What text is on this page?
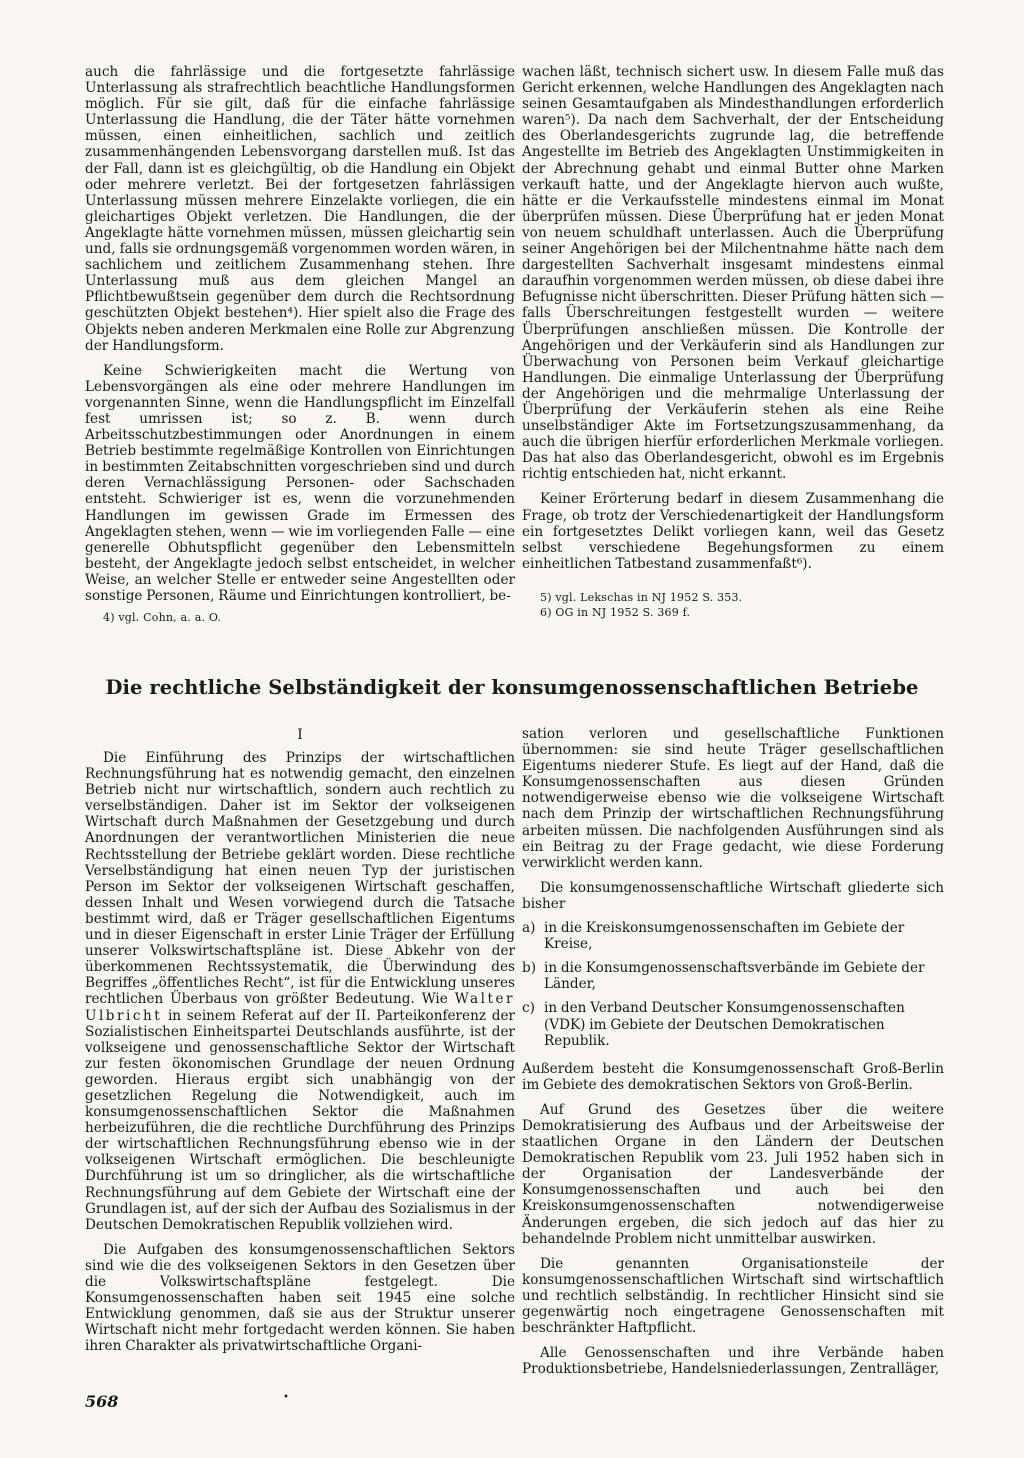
auch die fahrlässige und die fortgesetzte fahrlässige Unterlassung als strafrechtlich beachtliche Handlungsformen möglich. Für sie gilt, daß für die einfache fahrlässige Unterlassung die Handlung, die der Täter hätte vornehmen müssen, einen einheitlichen, sachlich und zeitlich zusammenhängenden Lebensvorgang darstellen muß. Ist das der Fall, dann ist es gleichgültig, ob die Handlung ein Objekt oder mehrere verletzt. Bei der fortgesetzen fahrlässigen Unterlassung müssen mehrere Einzelakte vorliegen, die ein gleichartiges Objekt verletzen. Die Handlungen, die der Angeklagte hätte vornehmen müssen, müssen gleichartig sein und, falls sie ordnungsgemäß vorgenommen worden wären, in sachlichem und zeitlichem Zusammenhang stehen. Ihre Unterlassung muß aus dem gleichen Mangel an Pflichtbewußtsein gegenüber dem durch die Rechtsordnung geschützten Objekt bestehen⁴). Hier spielt also die Frage des Objekts neben anderen Merkmalen eine Rolle zur Abgrenzung der Handlungsform.

Keine Schwierigkeiten macht die Wertung von Lebensvorgängen als eine oder mehrere Handlungen im vorgenannten Sinne, wenn die Handlungspflicht im Einzelfall fest umrissen ist; so z. B. wenn durch Arbeitsschutzbestimmungen oder Anordnungen in einem Betrieb bestimmte regelmäßige Kontrollen von Einrichtungen in bestimmten Zeitabschnitten vorgeschrieben sind und durch deren Vernachlässigung Personen- oder Sachschaden entsteht. Schwieriger ist es, wenn die vorzunehmenden Handlungen im gewissen Grade im Ermessen des Angeklagten stehen, wenn — wie im vorliegenden Falle — eine generelle Obhutspflicht gegenüber den Lebensmitteln besteht, der Angeklagte jedoch selbst entscheidet, in welcher Weise, an welcher Stelle er entweder seine Angestellten oder sonstige Personen, Räume und Einrichtungen kontrolliert, be-

4) vgl. Cohn, a. a. O.

wachen läßt, technisch sichert usw. In diesem Falle muß das Gericht erkennen, welche Handlungen des Angeklagten nach seinen Gesamtaufgaben als Mindesthandlungen erforderlich waren⁵). Da nach dem Sachverhalt, der der Entscheidung des Oberlandesgerichts zugrunde lag, die betreffende Angestellte im Betrieb des Angeklagten Unstimmigkeiten in der Abrechnung gehabt und einmal Butter ohne Marken verkauft hatte, und der Angeklagte hiervon auch wußte, hätte er die Verkaufsstelle mindestens einmal im Monat überprüfen müssen. Diese Überprüfung hat er jeden Monat von neuem schuldhaft unterlassen. Auch die Überprüfung seiner Angehörigen bei der Milchentnahme hätte nach dem dargestellten Sachverhalt insgesamt mindestens einmal daraufhin vorgenommen werden müssen, ob diese dabei ihre Befugnisse nicht überschritten. Dieser Prüfung hätten sich — falls Überschreitungen festgestellt wurden — weitere Überprüfungen anschließen müssen. Die Kontrolle der Angehörigen und der Verkäuferin sind als Handlungen zur Überwachung von Personen beim Verkauf gleichartige Handlungen. Die einmalige Unterlassung der Überprüfung der Angehörigen und die mehrmalige Unterlassung der Überprüfung der Verkäuferin stehen als eine Reihe unselbständiger Akte im Fortsetzungszusammenhang, da auch die übrigen hierfür erforderlichen Merkmale vorliegen. Das hat also das Oberlandesgericht, obwohl es im Ergebnis richtig entschieden hat, nicht erkannt.

Keiner Erörterung bedarf in diesem Zusammenhang die Frage, ob trotz der Verschiedenartigkeit der Handlungsform ein fortgesetztes Delikt vorliegen kann, weil das Gesetz selbst verschiedene Begehungsformen zu einem einheitlichen Tatbestand zusammenfaßt⁶).

5) vgl. Lekschas in NJ 1952 S. 353.
6) OG in NJ 1952 S. 369 f.
Die rechtliche Selbständigkeit der konsumgenossenschaftlichen Betriebe
I

Die Einführung des Prinzips der wirtschaftlichen Rechnungsführung hat es notwendig gemacht, den einzelnen Betrieb nicht nur wirtschaftlich, sondern auch rechtlich zu verselbständigen. Daher ist im Sektor der volkseigenen Wirtschaft durch Maßnahmen der Gesetzgebung und durch Anordnungen der verantwortlichen Ministerien die neue Rechtsstellung der Betriebe geklärt worden. Diese rechtliche Verselbständigung hat einen neuen Typ der juristischen Person im Sektor der volkseigenen Wirtschaft geschaffen, dessen Inhalt und Wesen vorwiegend durch die Tatsache bestimmt wird, daß er Träger gesellschaftlichen Eigentums und in dieser Eigenschaft in erster Linie Träger der Erfüllung unserer Volkswirtschaftspläne ist. Diese Abkehr von der überkommenen Rechtssystematik, die Überwindung des Begriffes „öffentliches Recht“, ist für die Entwicklung unseres rechtlichen Überbaus von größter Bedeutung. Wie Walter Ulbricht in seinem Referat auf der II. Parteikonferenz der Sozialistischen Einheitspartei Deutschlands ausführte, ist der volkseigene und genossenschaftliche Sektor der Wirtschaft zur festen ökonomischen Grundlage der neuen Ordnung geworden. Hieraus ergibt sich unabhängig von der gesetzlichen Regelung die Notwendigkeit, auch im konsumgenossenschaftlichen Sektor die Maßnahmen herbeizuführen, die die rechtliche Durchführung des Prinzips der wirtschaftlichen Rechnungsführung ebenso wie in der volkseigenen Wirtschaft ermöglichen. Die beschleunigte Durchführung ist um so dringlicher, als die wirtschaftliche Rechnungsführung auf dem Gebiete der Wirtschaft eine der Grundlagen ist, auf der sich der Aufbau des Sozialismus in der Deutschen Demokratischen Republik vollziehen wird.

Die Aufgaben des konsumgenossenschaftlichen Sektors sind wie die des volkseigenen Sektors in den Gesetzen über die Volkswirtschaftspläne festgelegt. Die Konsumgenossenschaften haben seit 1945 eine solche Entwicklung genommen, daß sie aus der Struktur unserer Wirtschaft nicht mehr fortgedacht werden können. Sie haben ihren Charakter als privatwirtschaftliche Organi-

sation verloren und gesellschaftliche Funktionen übernommen: sie sind heute Träger gesellschaftlichen Eigentums niederer Stufe. Es liegt auf der Hand, daß die Konsumgenossenschaften aus diesen Gründen notwendigerweise ebenso wie die volkseigene Wirtschaft nach dem Prinzip der wirtschaftlichen Rechnungsführung arbeiten müssen. Die nachfolgenden Ausführungen sind als ein Beitrag zu der Frage gedacht, wie diese Forderung verwirklicht werden kann.

Die konsumgenossenschaftliche Wirtschaft gliederte sich bisher

a) in die Kreiskonsumgenossenschaften im Gebiete der Kreise,
b) in die Konsumgenossenschaftsverbände im Gebiete der Länder,
c) in den Verband Deutscher Konsumgenossenschaften (VDK) im Gebiete der Deutschen Demokratischen Republik.

Außerdem besteht die Konsumgenossenschaft Groß-Berlin im Gebiete des demokratischen Sektors von Groß-Berlin.

Auf Grund des Gesetzes über die weitere Demokratisierung des Aufbaus und der Arbeitsweise der staatlichen Organe in den Ländern der Deutschen Demokratischen Republik vom 23. Juli 1952 haben sich in der Organisation der Landesverbände der Konsumgenossenschaften und auch bei den Kreiskonsumgenossenschaften notwendigerweise Änderungen ergeben, die sich jedoch auf das hier zu behandelnde Problem nicht unmittelbar auswirken.

Die genannten Organisationsteile der konsumgenossenschaftlichen Wirtschaft sind wirtschaftlich und rechtlich selbständig. In rechtlicher Hinsicht sind sie gegenwärtig noch eingetragene Genossenschaften mit beschränkter Haftpflicht.

Alle Genossenschaften und ihre Verbände haben Produktionsbetriebe, Handelsniederlassungen, Zentralläger,

568	•
